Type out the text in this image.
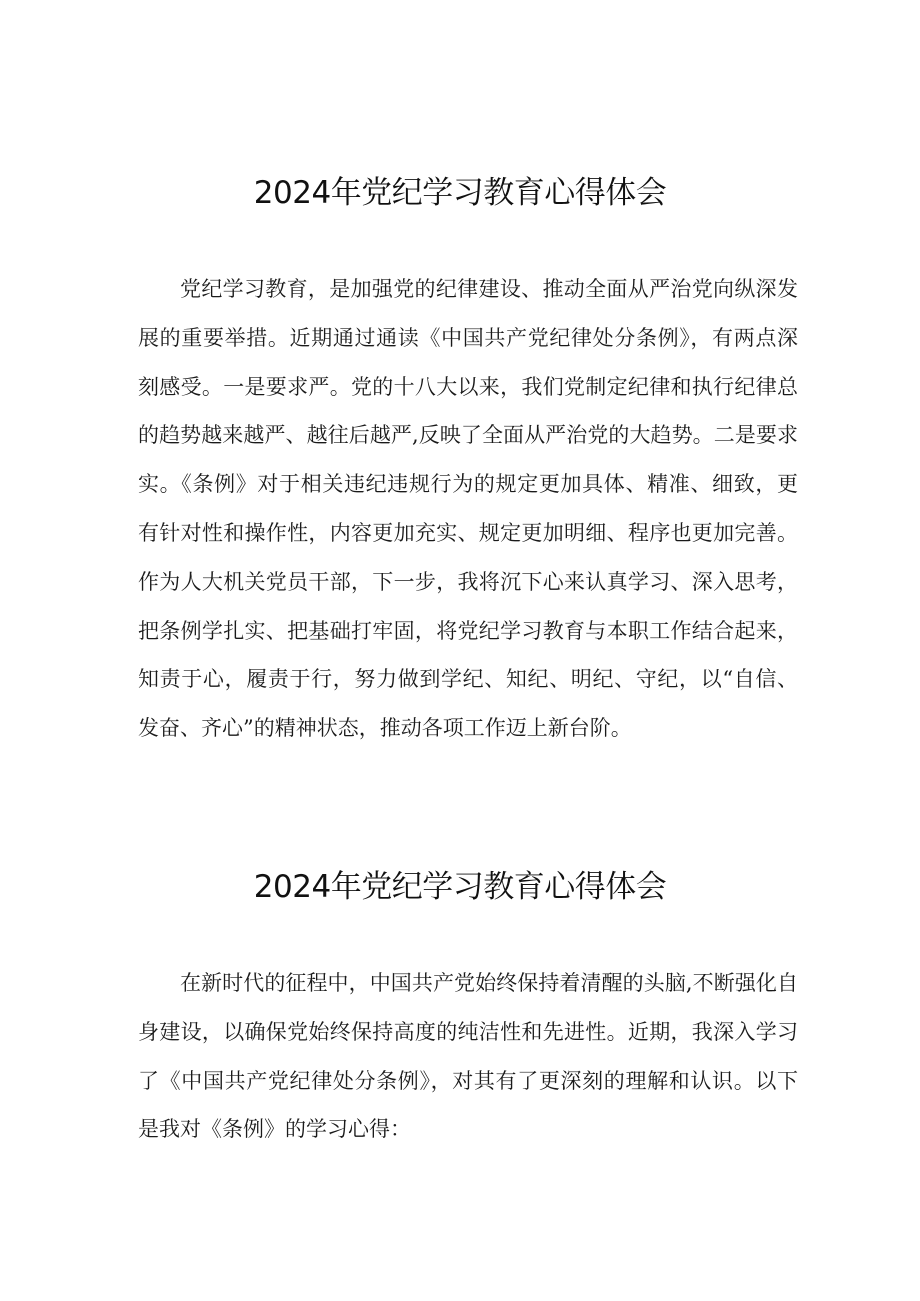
2024年党纪学习教育心得体会

党纪学习教育，是加强党的纪律建设、推动全面从严治党向纵深发展的重要举措。近期通过通读《中国共产党纪律处分条例》，有两点深刻感受。一是要求严。党的十八大以来，我们党制定纪律和执行纪律总的趋势越来越严、越往后越严,反映了全面从严治党的大趋势。二是要求实。《条例》对于相关违纪违规行为的规定更加具体、精准、细致，更有针对性和操作性，内容更加充实、规定更加明细、程序也更加完善。作为人大机关党员干部，下一步，我将沉下心来认真学习、深入思考，把条例学扎实、把基础打牢固，将党纪学习教育与本职工作结合起来，知责于心，履责于行，努力做到学纪、知纪、明纪、守纪，以“自信、发奋、齐心”的精神状态，推动各项工作迈上新台阶。

2024年党纪学习教育心得体会

在新时代的征程中，中国共产党始终保持着清醒的头脑,不断强化自身建设，以确保党始终保持高度的纯洁性和先进性。近期，我深入学习了《中国共产党纪律处分条例》，对其有了更深刻的理解和认识。以下是我对《条例》的学习心得：
